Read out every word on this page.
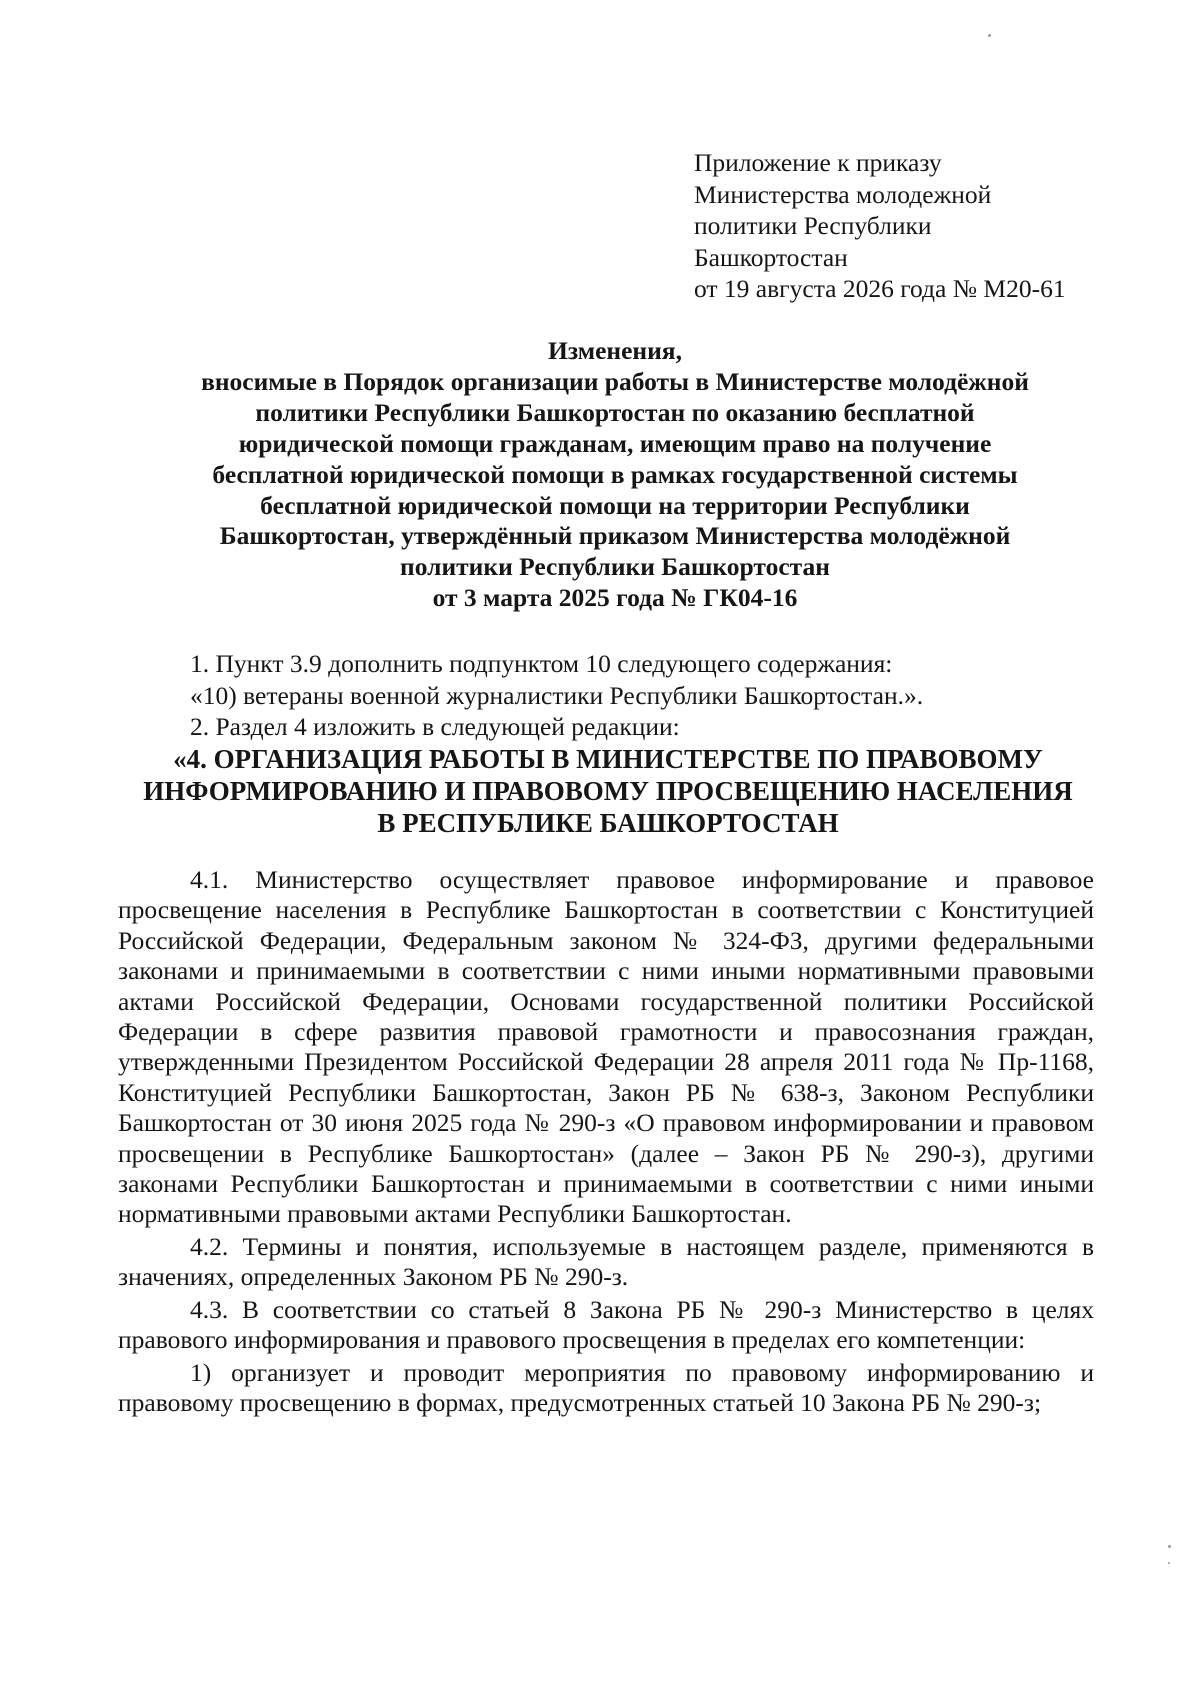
Приложение к приказу
Министерства молодежной
политики Республики
Башкортостан
от 19 августа 2026 года № М20-61
Изменения,
вносимые в Порядок организации работы в Министерстве молодёжной
политики Республики Башкортостан по оказанию бесплатной
юридической помощи гражданам, имеющим право на получение
бесплатной юридической помощи в рамках государственной системы
бесплатной юридической помощи на территории Республики
Башкортостан, утверждённый приказом Министерства молодёжной
политики Республики Башкортостан
от 3 марта 2025 года № ГК04-16
1. Пункт 3.9 дополнить подпунктом 10 следующего содержания:
«10) ветераны военной журналистики Республики Башкортостан.».
2. Раздел 4 изложить в следующей редакции:
«4. ОРГАНИЗАЦИЯ РАБОТЫ В МИНИСТЕРСТВЕ ПО ПРАВОВОМУ
ИНФОРМИРОВАНИЮ И ПРАВОВОМУ ПРОСВЕЩЕНИЮ НАСЕЛЕНИЯ
В РЕСПУБЛИКЕ БАШКОРТОСТАН

4.1. Министерство осуществляет правовое информирование и правовое просвещение населения в Республике Башкортостан в соответствии с Конституцией Российской Федерации, Федеральным законом № 324-ФЗ, другими федеральными законами и принимаемыми в соответствии с ними иными нормативными правовыми актами Российской Федерации, Основами государственной политики Российской Федерации в сфере развития правовой грамотности и правосознания граждан, утвержденными Президентом Российской Федерации 28 апреля 2011 года № Пр-1168, Конституцией Республики Башкортостан, Закон РБ № 638-з, Законом Республики Башкортостан от 30 июня 2025 года № 290-з «О правовом информировании и правовом просвещении в Республике Башкортостан» (далее – Закон РБ № 290-з), другими законами Республики Башкортостан и принимаемыми в соответствии с ними иными нормативными правовыми актами Республики Башкортостан.

4.2. Термины и понятия, используемые в настоящем разделе, применяются в значениях, определенных Законом РБ № 290-з.

4.3. В соответствии со статьей 8 Закона РБ № 290-з Министерство в целях правового информирования и правового просвещения в пределах его компетенции:

1) организует и проводит мероприятия по правовому информированию и правовому просвещению в формах, предусмотренных статьей 10 Закона РБ № 290-з;
